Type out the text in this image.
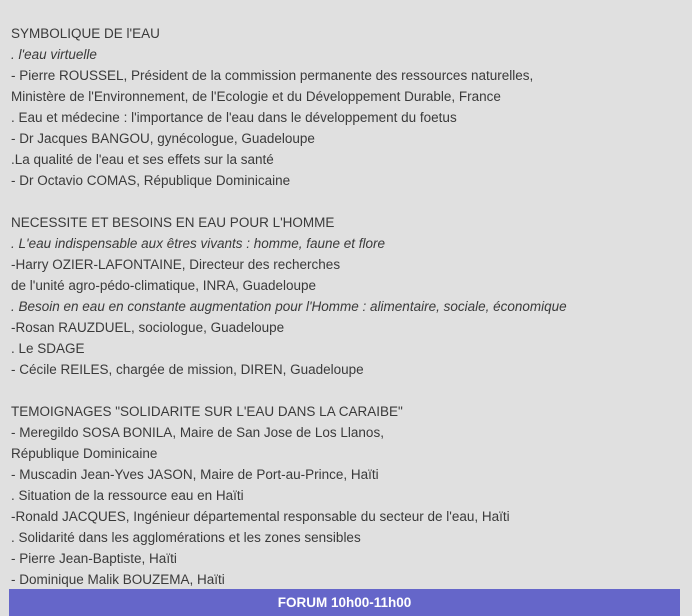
SYMBOLIQUE DE l'EAU
. l'eau virtuelle
- Pierre ROUSSEL, Président de la commission permanente des ressources naturelles,
Ministère de l'Environnement, de l'Ecologie et du Développement Durable, France
. Eau et médecine : l'importance de l'eau dans le développement du foetus
- Dr Jacques BANGOU, gynécologue, Guadeloupe
.La qualité de l'eau et ses effets sur la santé
- Dr Octavio COMAS, République Dominicaine
NECESSITE ET BESOINS EN EAU POUR L'HOMME
. L'eau indispensable aux êtres vivants : homme, faune et flore
-Harry OZIER-LAFONTAINE, Directeur des recherches
de l'unité agro-pédo-climatique, INRA, Guadeloupe
. Besoin en eau en constante augmentation pour l'Homme : alimentaire, sociale, économique
-Rosan RAUZDUEL, sociologue, Guadeloupe
. Le SDAGE
- Cécile REILES, chargée de mission, DIREN, Guadeloupe
TEMOIGNAGES "SOLIDARITE SUR L'EAU DANS LA CARAIBE"
- Meregildo SOSA BONILA, Maire de San Jose de Los Llanos,
République Dominicaine
- Muscadin Jean-Yves JASON, Maire de Port-au-Prince, Haïti
. Situation de la ressource eau en Haïti
-Ronald JACQUES, Ingénieur départemental responsable du secteur de l'eau, Haïti
. Solidarité dans les agglomérations et les zones sensibles
- Pierre Jean-Baptiste, Haïti
- Dominique Malik BOUZEMA, Haïti
FORUM 10h00-11h00
